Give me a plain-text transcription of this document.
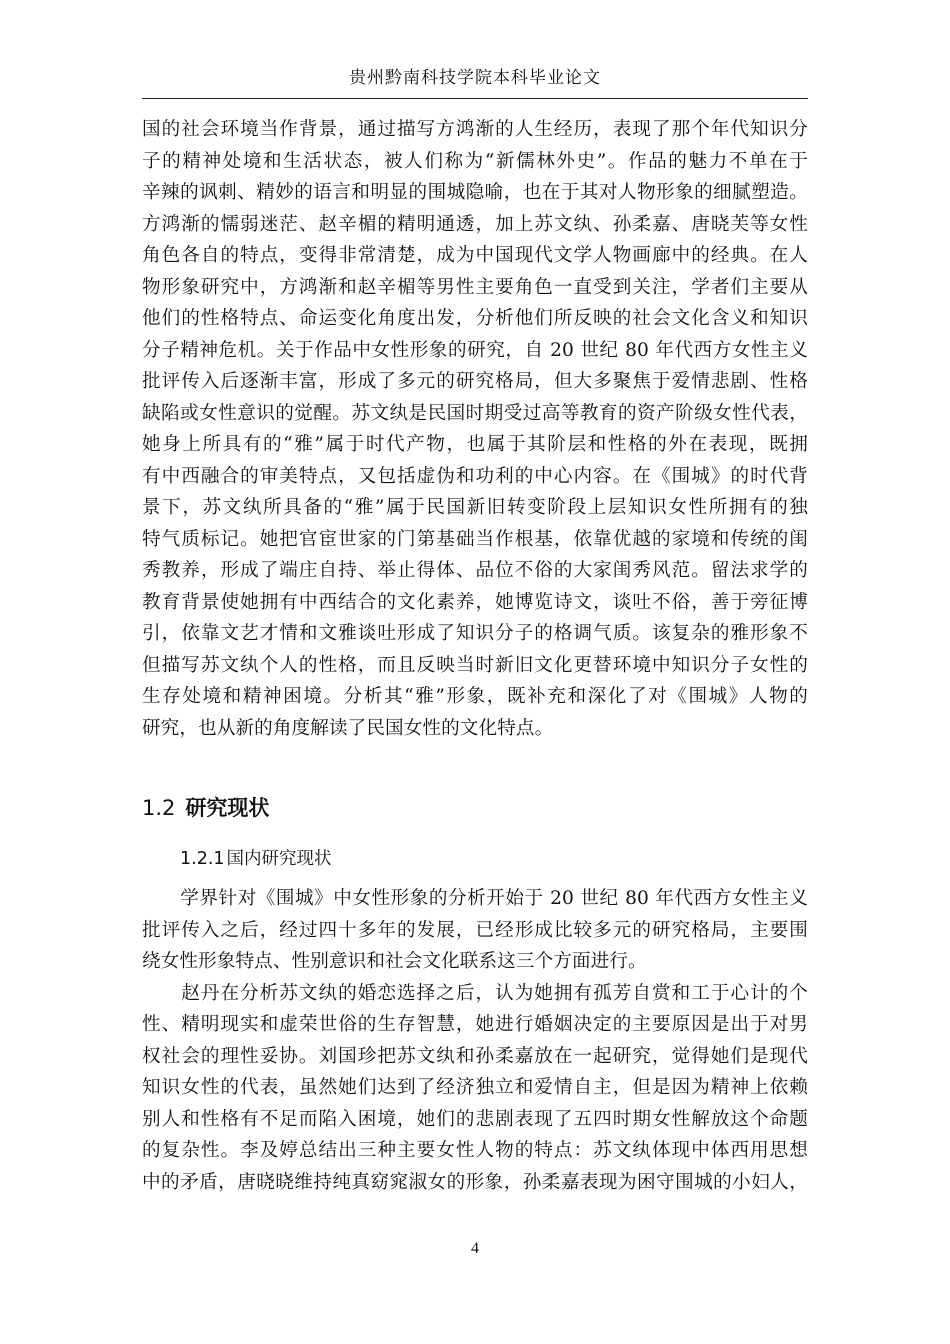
贵州黔南科技学院本科毕业论文
国的社会环境当作背景，通过描写方鸿渐的人生经历，表现了那个年代知识分
子的精神处境和生活状态，被人们称为“新儒林外史”。作品的魅力不单在于
辛辣的讽刺、精妙的语言和明显的围城隐喻，也在于其对人物形象的细腻塑造。
方鸿渐的懦弱迷茫、赵辛楣的精明通透，加上苏文纨、孙柔嘉、唐晓芙等女性
角色各自的特点，变得非常清楚，成为中国现代文学人物画廊中的经典。在人
物形象研究中，方鸿渐和赵辛楣等男性主要角色一直受到关注，学者们主要从
他们的性格特点、命运变化角度出发，分析他们所反映的社会文化含义和知识
分子精神危机。关于作品中女性形象的研究，自 20 世纪 80 年代西方女性主义
批评传入后逐渐丰富，形成了多元的研究格局，但大多聚焦于爱情悲剧、性格
缺陷或女性意识的觉醒。苏文纨是民国时期受过高等教育的资产阶级女性代表，
她身上所具有的“雅”属于时代产物，也属于其阶层和性格的外在表现，既拥
有中西融合的审美特点，又包括虚伪和功利的中心内容。在《围城》的时代背
景下，苏文纨所具备的“雅”属于民国新旧转变阶段上层知识女性所拥有的独
特气质标记。她把官宦世家的门第基础当作根基，依靠优越的家境和传统的闺
秀教养，形成了端庄自持、举止得体、品位不俗的大家闺秀风范。留法求学的
教育背景使她拥有中西结合的文化素养，她博览诗文，谈吐不俗，善于旁征博
引，依靠文艺才情和文雅谈吐形成了知识分子的格调气质。该复杂的雅形象不
但描写苏文纨个人的性格，而且反映当时新旧文化更替环境中知识分子女性的
生存处境和精神困境。分析其“雅”形象，既补充和深化了对《围城》人物的
研究，也从新的角度解读了民国女性的文化特点。
1.2 研究现状
1.2.1 国内研究现状
　　学界针对《围城》中女性形象的分析开始于 20 世纪 80 年代西方女性主义
批评传入之后，经过四十多年的发展，已经形成比较多元的研究格局，主要围
绕女性形象特点、性别意识和社会文化联系这三个方面进行。
　　赵丹在分析苏文纨的婚恋选择之后，认为她拥有孤芳自赏和工于心计的个
性、精明现实和虚荣世俗的生存智慧，她进行婚姻决定的主要原因是出于对男
权社会的理性妥协。刘国珍把苏文纨和孙柔嘉放在一起研究，觉得她们是现代
知识女性的代表，虽然她们达到了经济独立和爱情自主，但是因为精神上依赖
别人和性格有不足而陷入困境，她们的悲剧表现了五四时期女性解放这个命题
的复杂性。李及婷总结出三种主要女性人物的特点：苏文纨体现中体西用思想
中的矛盾，唐晓晓维持纯真窈窕淑女的形象，孙柔嘉表现为困守围城的小妇人，
4
